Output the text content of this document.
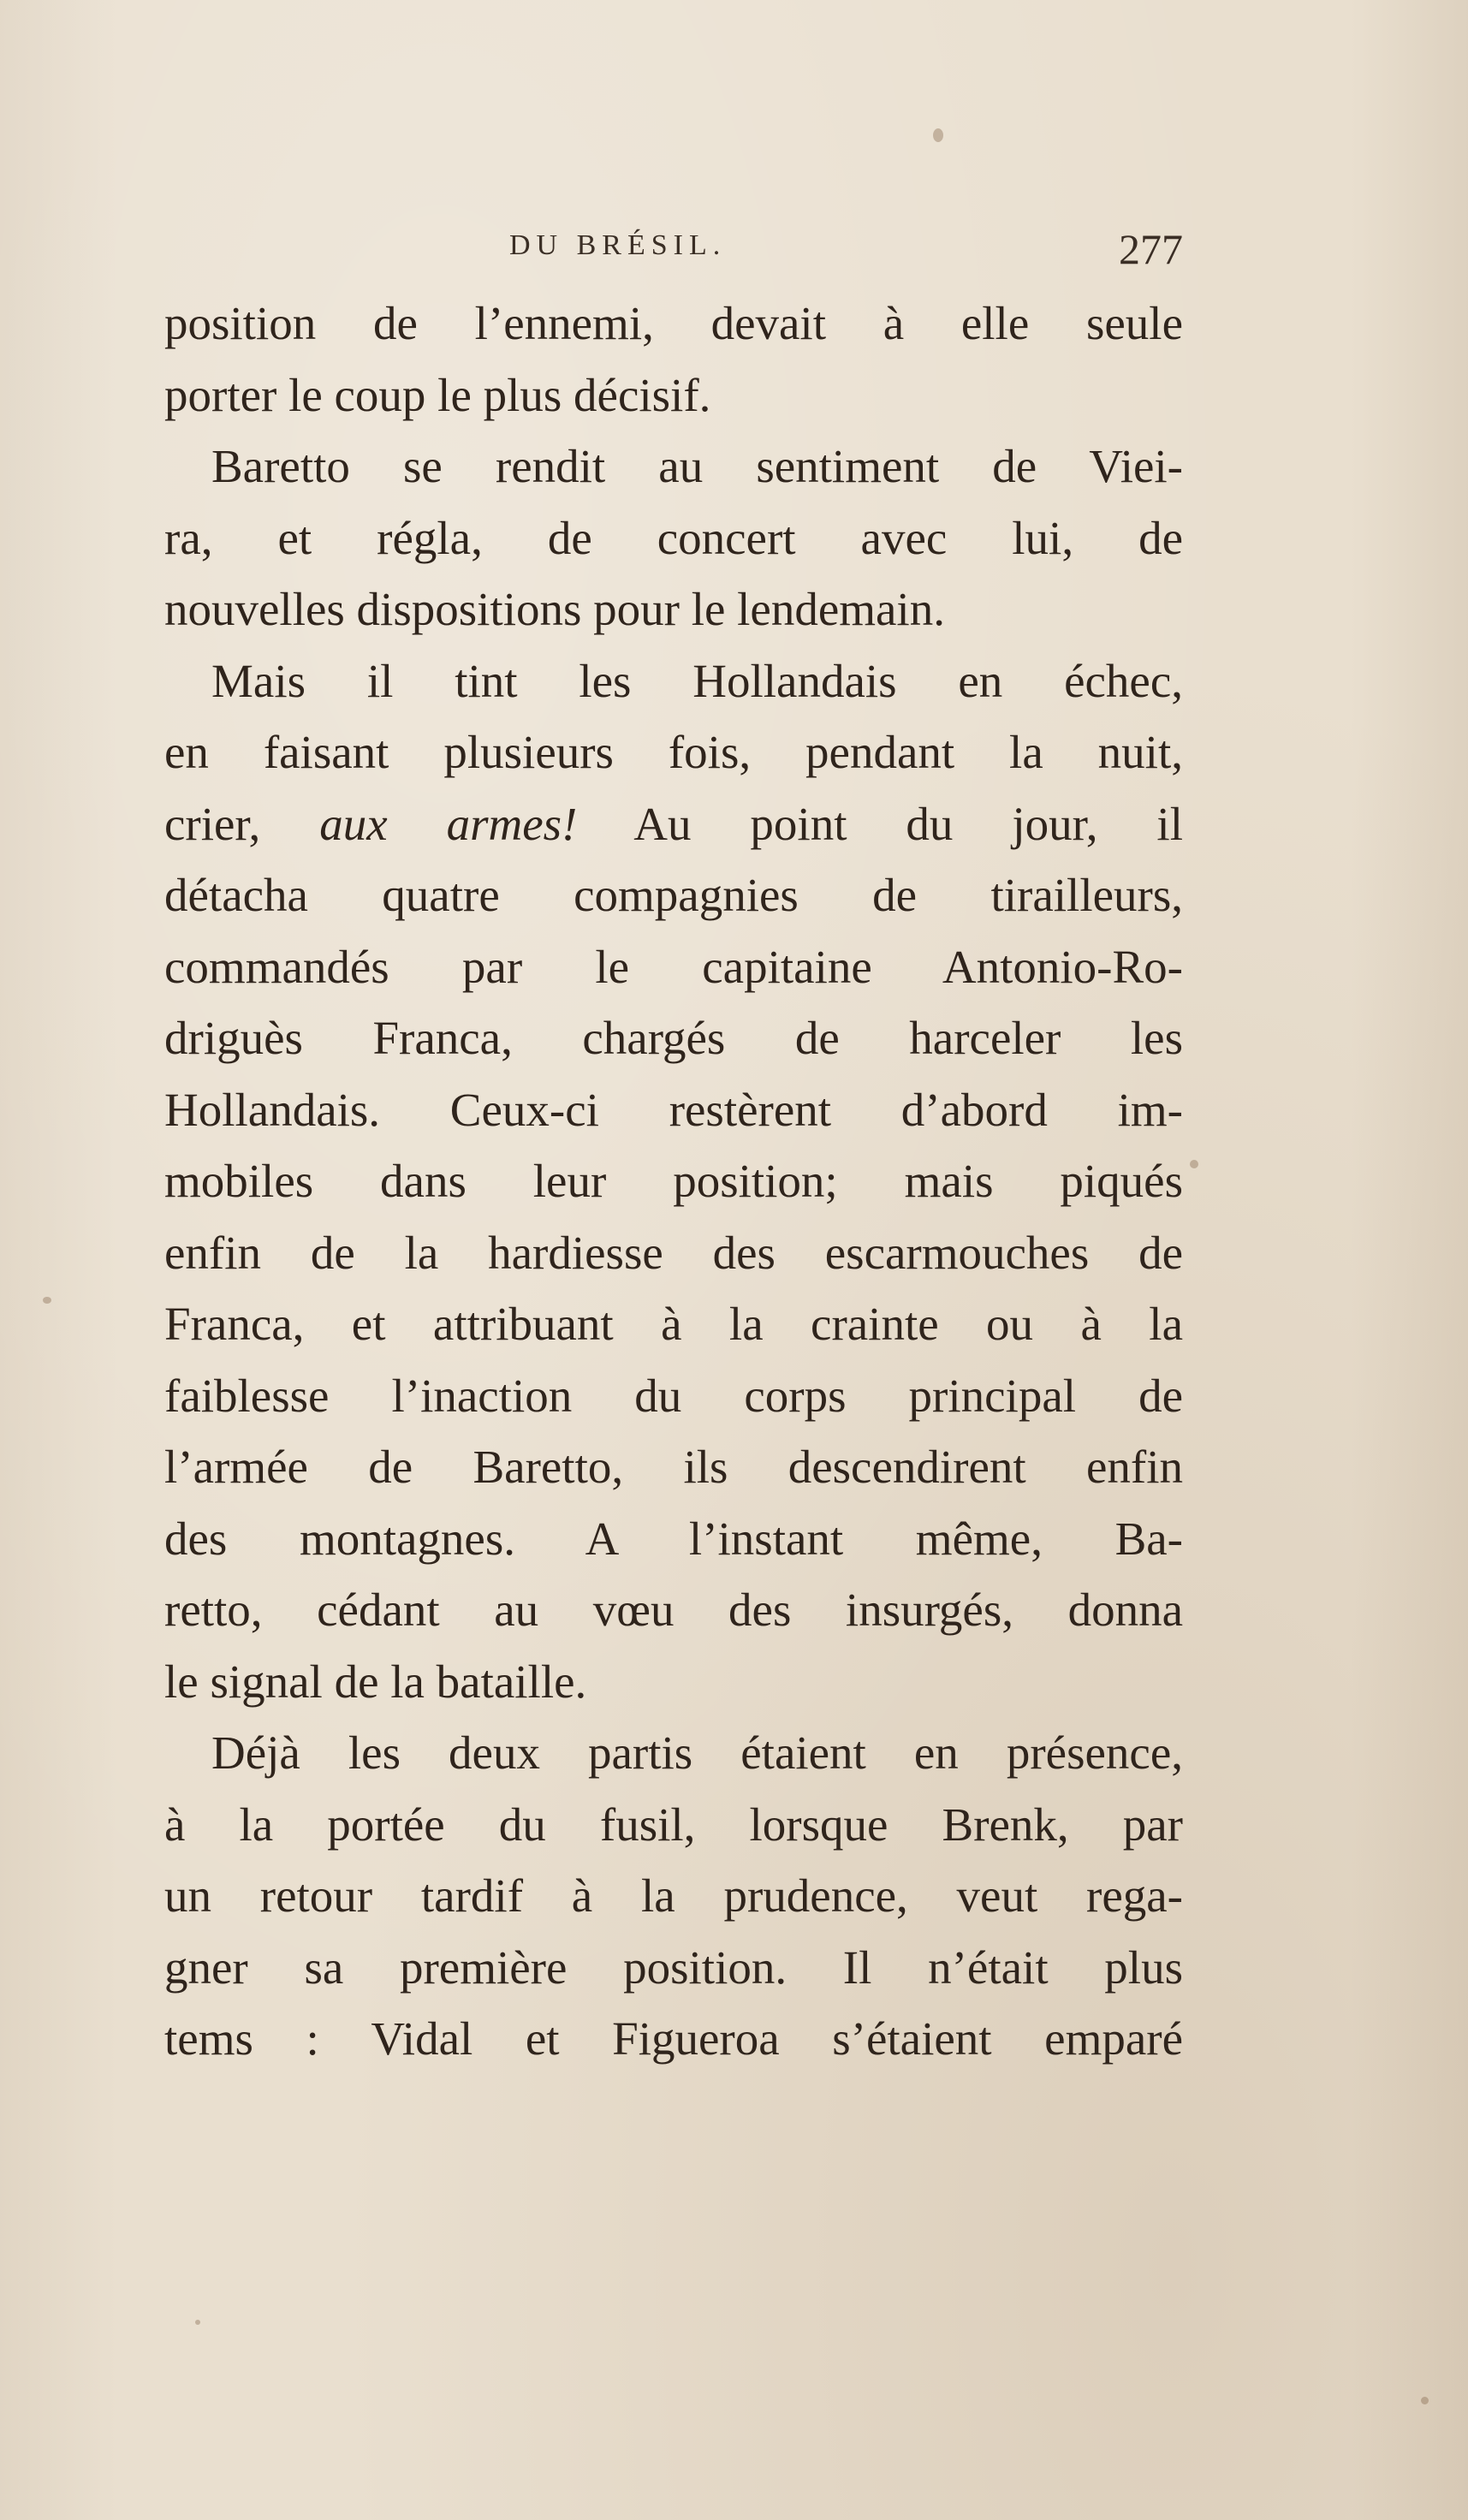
DU BRÉSIL.	277

position de l’ennemi, devait à elle seule
porter le coup le plus décisif.

Baretto se rendit au sentiment de Viei-
ra, et régla, de concert avec lui, de
nouvelles dispositions pour le lendemain.

Mais il tint les Hollandais en échec,
en faisant plusieurs fois, pendant la nuit,
crier, aux armes! Au point du jour, il
détacha quatre compagnies de tirailleurs,
commandés par le capitaine Antonio-Ro-
driguès Franca, chargés de harceler les
Hollandais. Ceux-ci restèrent d’abord im-
mobiles dans leur position; mais piqués
enfin de la hardiesse des escarmouches de
Franca, et attribuant à la crainte ou à la
faiblesse l’inaction du corps principal de
l’armée de Baretto, ils descendirent enfin
des montagnes. A l’instant même, Ba-
retto, cédant au vœu des insurgés, donna
le signal de la bataille.

Déjà les deux partis étaient en présence,
à la portée du fusil, lorsque Brenk, par
un retour tardif à la prudence, veut rega-
gner sa première position. Il n’était plus
tems : Vidal et Figueroa s’étaient emparé
